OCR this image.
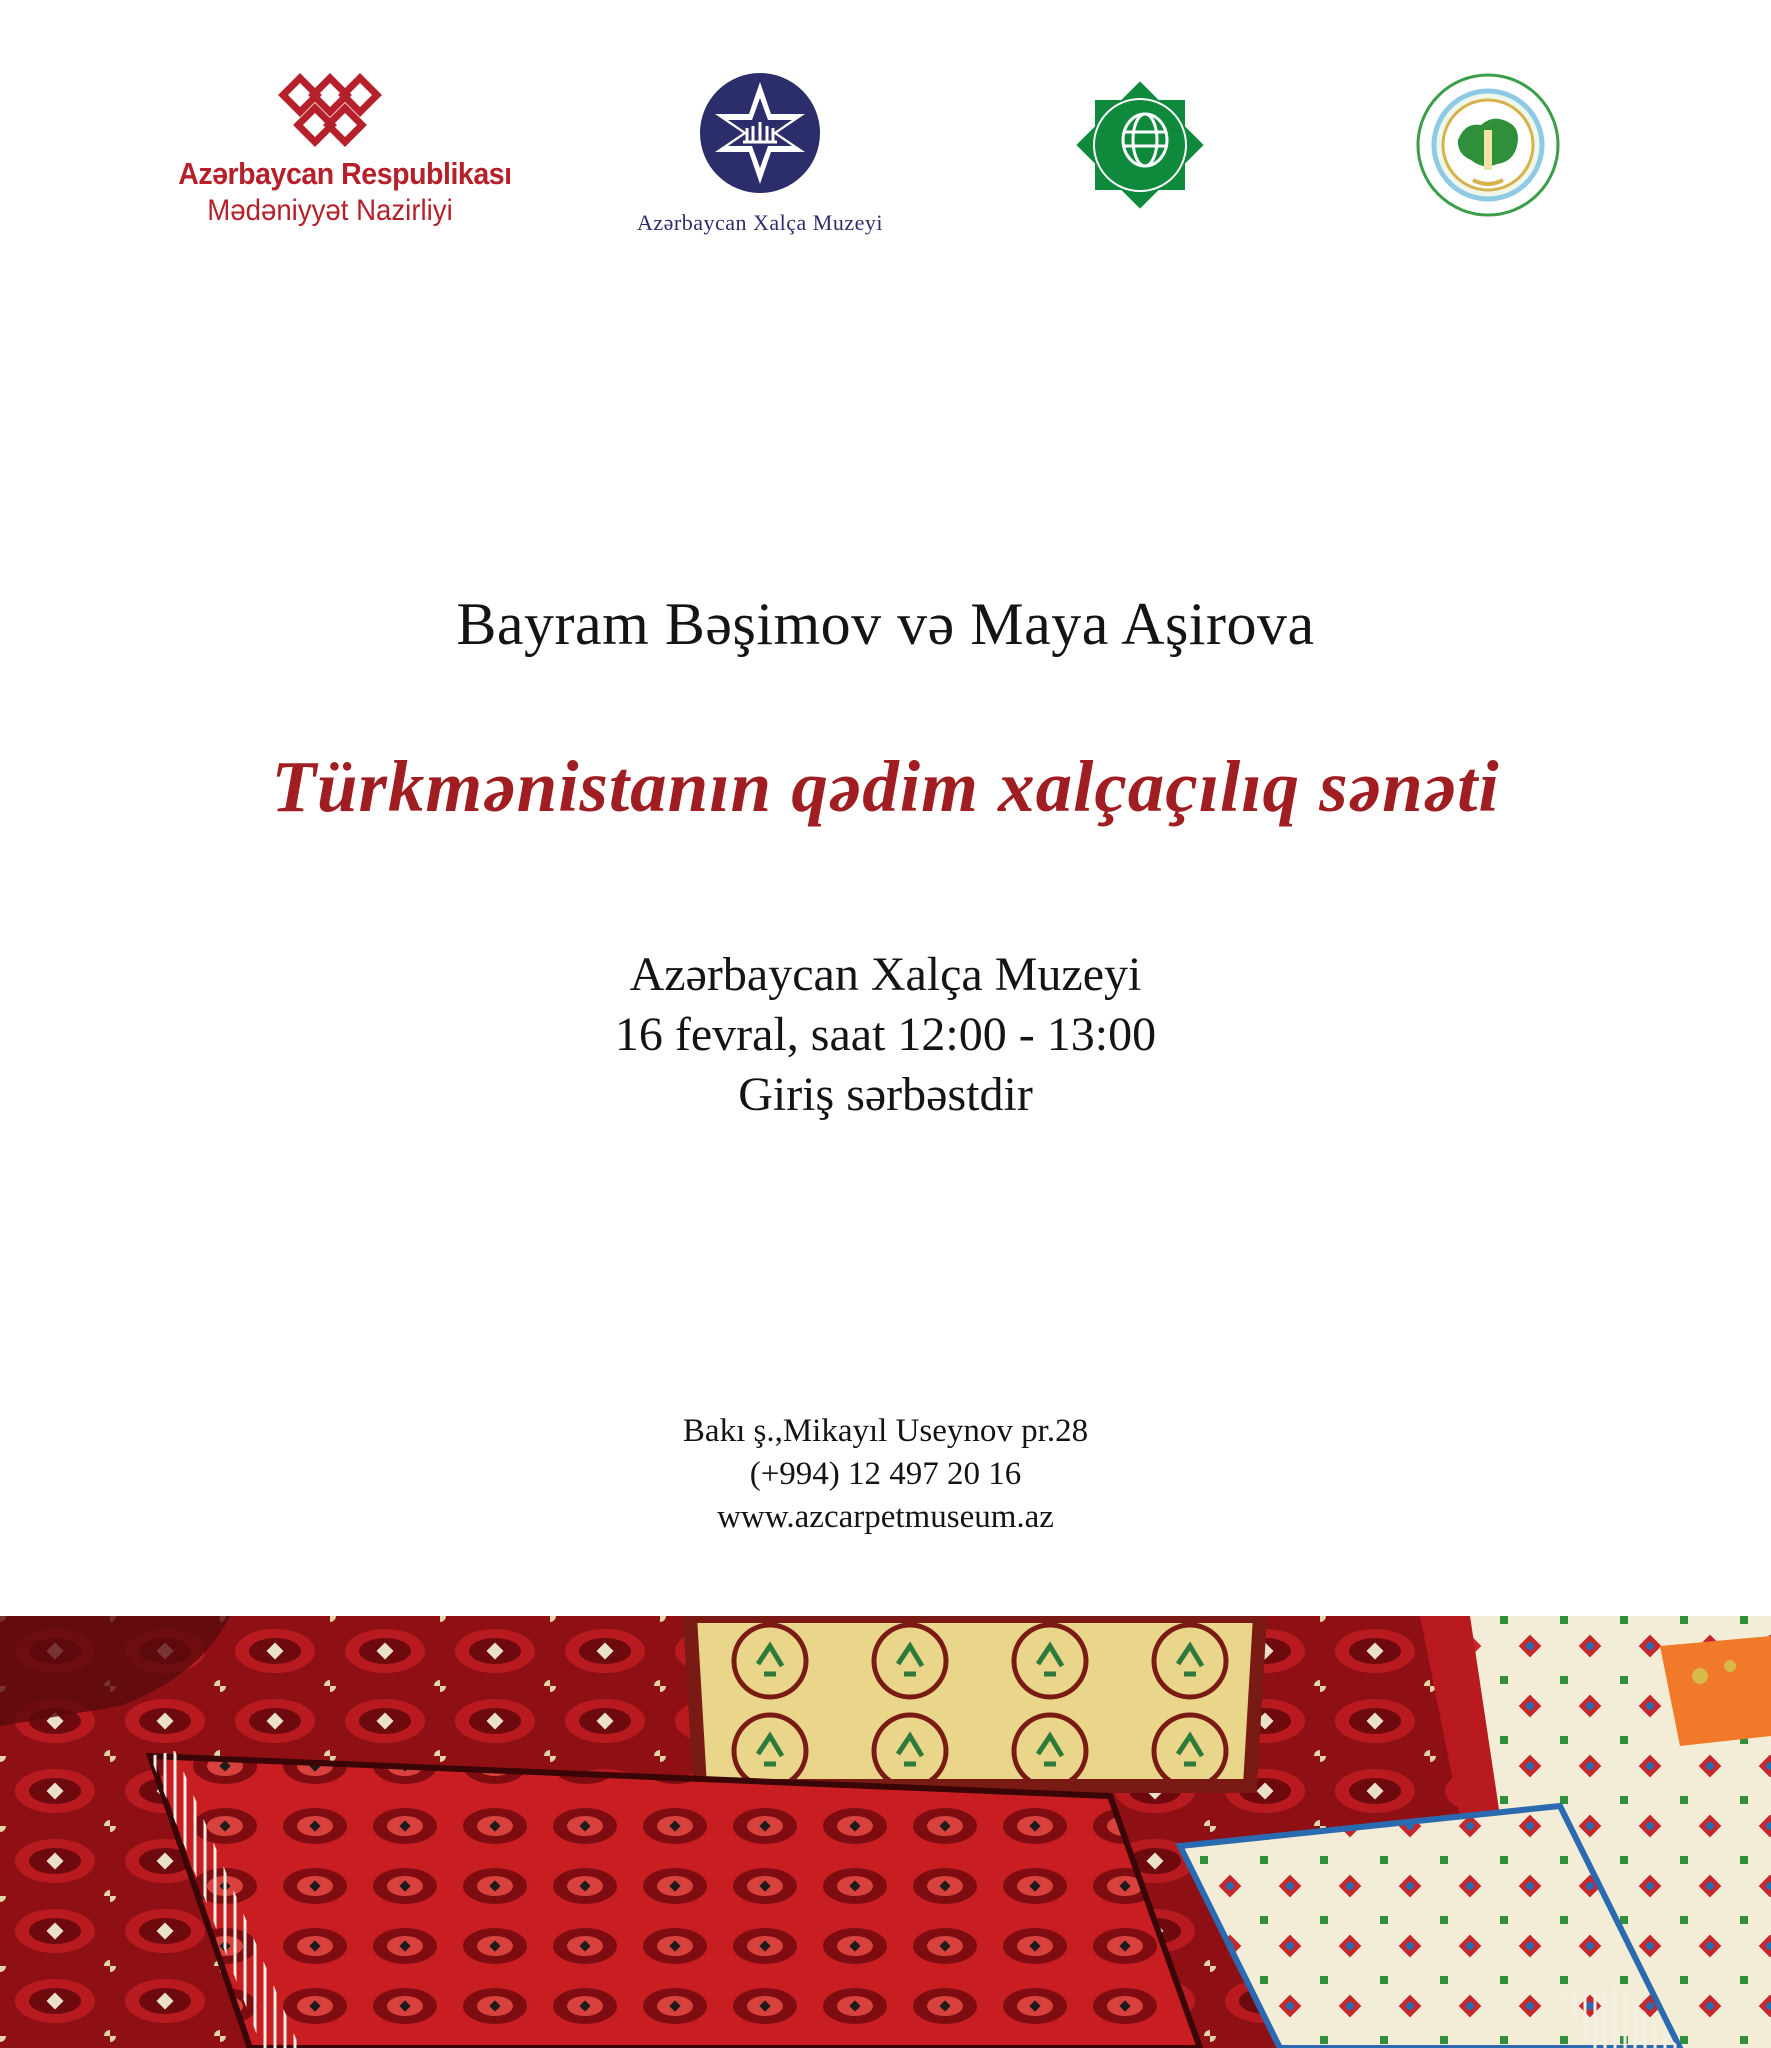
Azərbaycan Respublikası
Mədəniyyət Nazirliyi	Azərbaycan Xalça Muzeyi
Bayram Bəşimov və Maya Aşirova
Türkmənistanın qədim xalçaçılıq sənəti
Azərbaycan Xalça Muzeyi
16 fevral, saat 12:00 - 13:00
Giriş sərbəstdir
Bakı ş.,Mikayıl Useynov pr.28
(+994) 12 497 20 16
www.azcarpetmuseum.az
